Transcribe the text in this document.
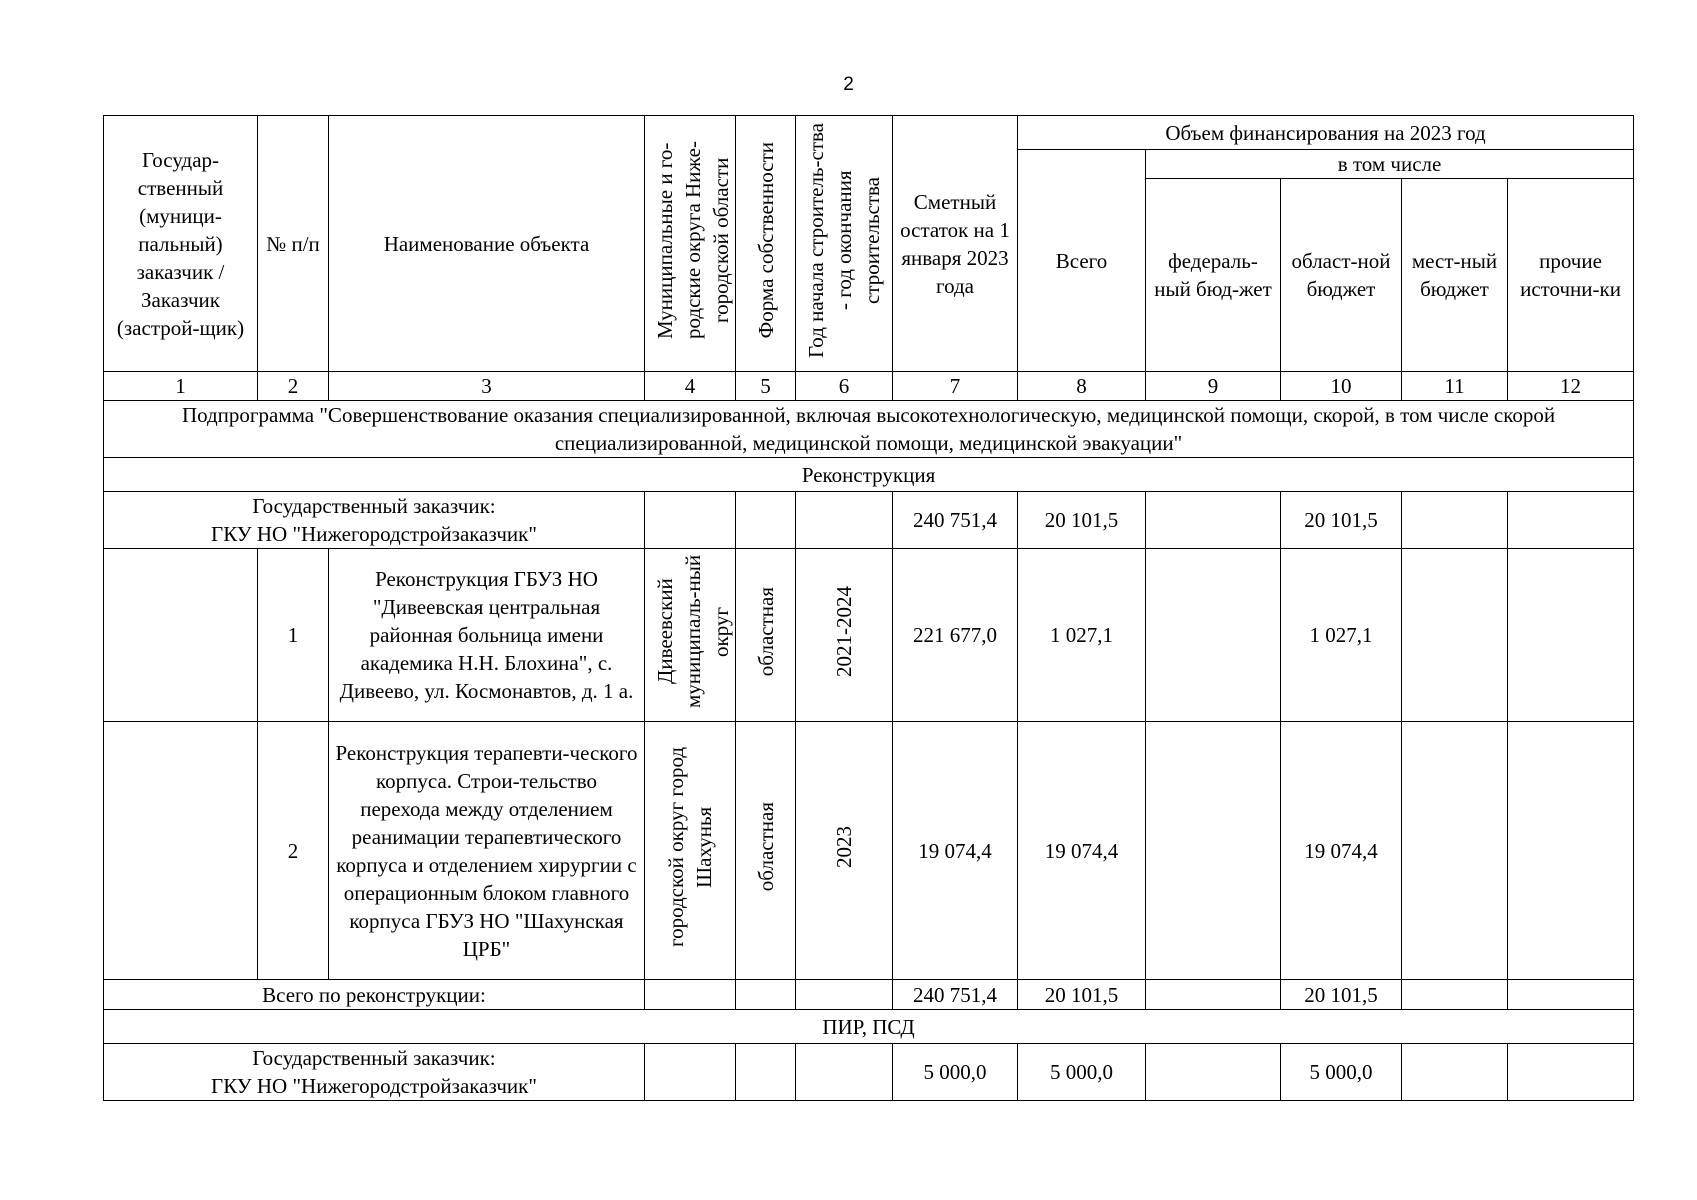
2
Государ-ственный (муници-пальный) заказчик / Заказчик (застрой-щик)	№ п/п	Наименование объекта	Муниципальные и го-родские округа Ниже-городской области	Форма собственности	Год начала строитель-ства - год окончания строительства	Сметный остаток на 1 января 2023 года	Объем финансирования на 2023 год				
							Всего	в том числе			
								федераль-ный бюд-жет	област-ной бюджет	мест-ный бюджет	прочие источни-ки
1	2	3	4	5	6	7	8	9	10	11	12
Подпрограмма "Совершенствование оказания специализированной, включая высокотехнологическую, медицинской помощи, скорой, в том числе скорой специализированной, медицинской помощи, медицинской эвакуации"											
Реконструкция											

Государственный заказчик:
ГКУ НО "Нижегородстройзаказчик"						240 751,4	20 101,5		20 101,5		
	1	Реконструкция ГБУЗ НО "Дивеевская центральная районная больница имени академика Н.Н. Блохина", с. Дивеево, ул. Космонавтов, д. 1 а.	Дивеевский муниципаль-ный округ	областная	2021-2024	221 677,0	1 027,1		1 027,1		
	2	Реконструкция терапевти-ческого корпуса. Строи-тельство перехода между отделением реанимации терапевтического корпуса и отделением хирургии с операционным блоком главного корпуса ГБУЗ НО "Шахунская ЦРБ"	городской округ город Шахунья	областная	2023	19 074,4	19 074,4		19 074,4		
Всего по реконструкции:						240 751,4	20 101,5		20 101,5		
ПИР, ПСД											

Государственный заказчик:
ГКУ НО "Нижегородстройзаказчик"						5 000,0	5 000,0		5 000,0		
